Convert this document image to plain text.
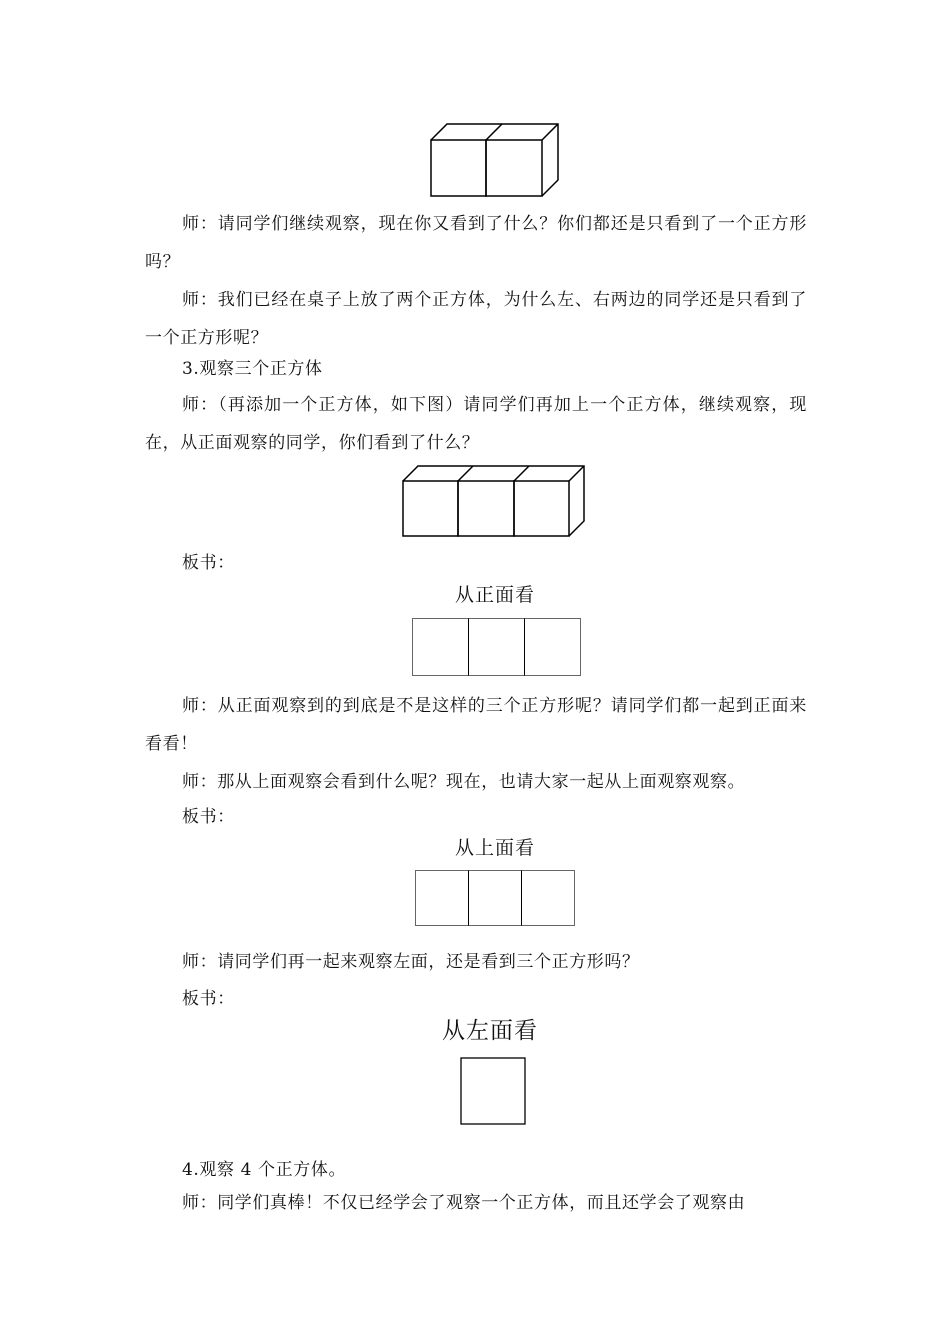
师：请同学们继续观察，现在你又看到了什么？你们都还是只看到了一个正方形吗？

师：我们已经在桌子上放了两个正方体，为什么左、右两边的同学还是只看到了一个正方形呢？

3.观察三个正方体

师：（再添加一个正方体，如下图）请同学们再加上一个正方体，继续观察，现在，从正面观察的同学，你们看到了什么？

板书：

从正面看

师：从正面观察到的到底是不是这样的三个正方形呢？请同学们都一起到正面来看看！

师：那从上面观察会看到什么呢？现在，也请大家一起从上面观察观察。

板书：

从上面看

师：请同学们再一起来观察左面，还是看到三个正方形吗？

板书：

从左面看

4.观察 4 个正方体。

师：同学们真棒！不仅已经学会了观察一个正方体，而且还学会了观察由
